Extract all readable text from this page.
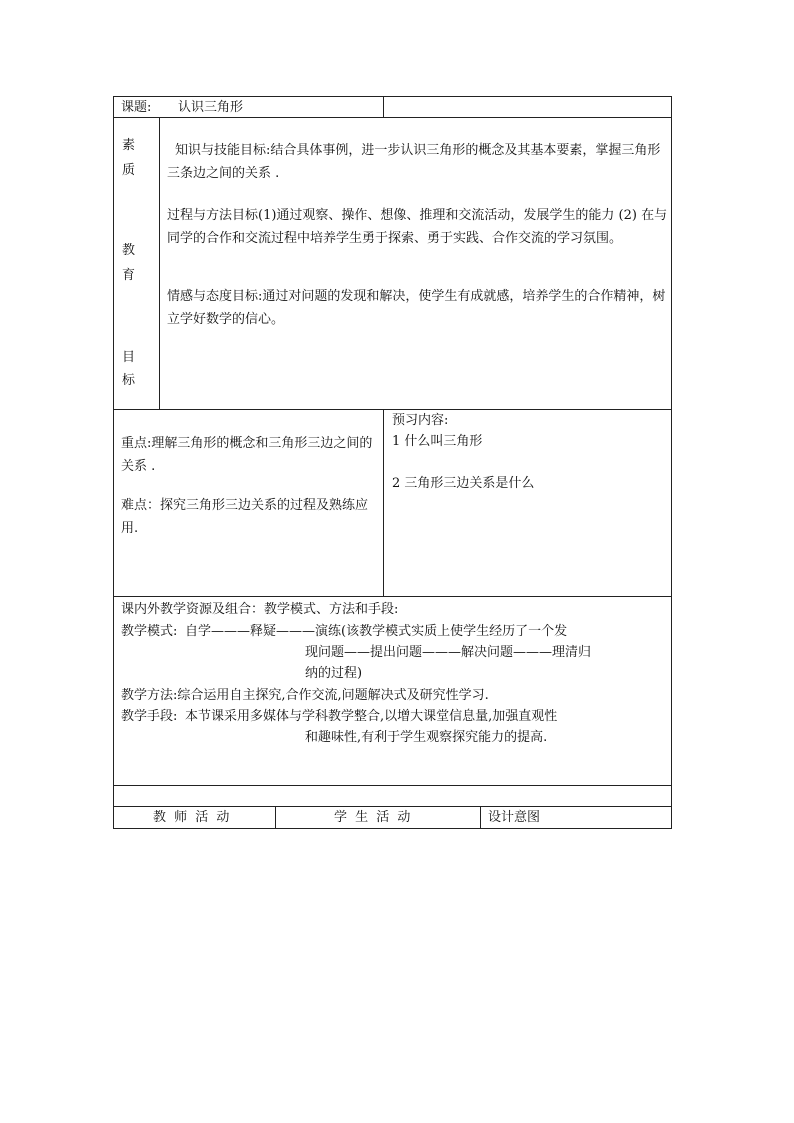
课题: 认识三角形
素
质
教
育
目
标
知识与技能目标:结合具体事例，进一步认识三角形的概念及其基本要素，掌握三角形三条边之间的关系 .
过程与方法目标(1)通过观察、操作、想像、推理和交流活动，发展学生的能力 (2) 在与同学的合作和交流过程中培养学生勇于探索、勇于实践、合作交流的学习氛围。
情感与态度目标:通过对问题的发现和解决，使学生有成就感，培养学生的合作精神，树立学好数学的信心。
重点:理解三角形的概念和三角形三边之间的关系 .
难点：探究三角形三边关系的过程及熟练应用.
预习内容:
1 什么叫三角形
2 三角形三边关系是什么
课内外教学资源及组合：教学模式、方法和手段:
教学模式: 自学———释疑———演练(该教学模式实质上使学生经历了一个发
现问题——提出问题———解决问题———理清归
纳的过程)
教学方法:综合运用自主探究,合作交流,问题解决式及研究性学习.
教学手段: 本节课采用多媒体与学科教学整合,以增大课堂信息量,加强直观性
和趣味性,有利于学生观察探究能力的提高.
教 师 活 动	学 生 活 动	设计意图
